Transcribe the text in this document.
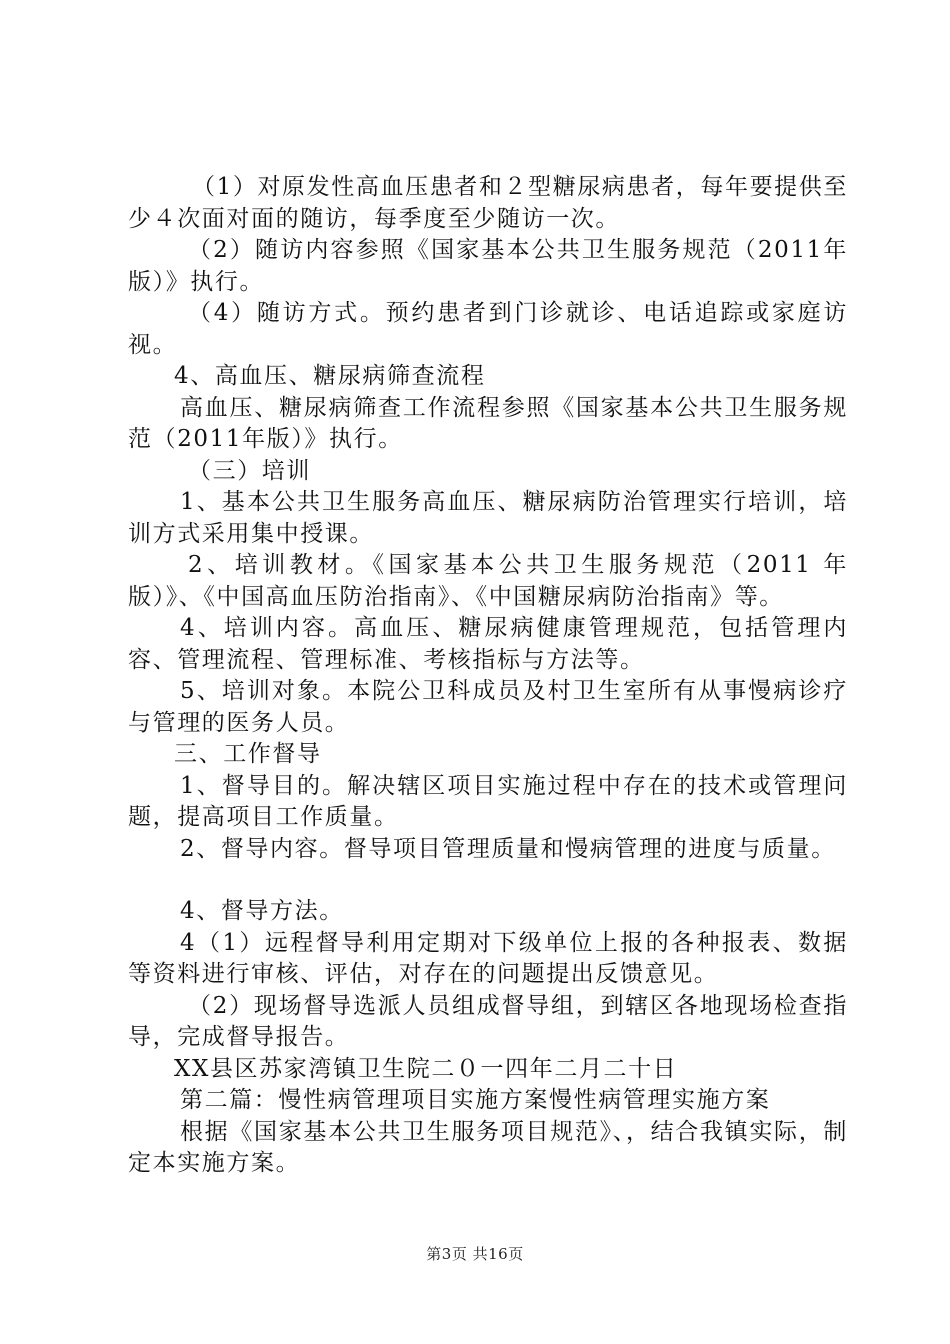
（1）对原发性高血压患者和２型糖尿病患者，每年要提供至少４次面对面的随访，每季度至少随访一次。

（2）随访内容参照《国家基本公共卫生服务规范（2011年版）》执行。

（4）随访方式。预约患者到门诊就诊、电话追踪或家庭访视。

4、高血压、糖尿病筛查流程

高血压、糖尿病筛查工作流程参照《国家基本公共卫生服务规范（2011年版）》执行。

（三）培训

1、基本公共卫生服务高血压、糖尿病防治管理实行培训，培训方式采用集中授课。

2、培训教材。《国家基本公共卫生服务规范（2011 年版）》、《中国高血压防治指南》、《中国糖尿病防治指南》等。

4、培训内容。高血压、糖尿病健康管理规范，包括管理内容、管理流程、管理标准、考核指标与方法等。

5、培训对象。本院公卫科成员及村卫生室所有从事慢病诊疗与管理的医务人员。

三、工作督导

1、督导目的。解决辖区项目实施过程中存在的技术或管理问题，提高项目工作质量。

2、督导内容。督导项目管理质量和慢病管理的进度与质量。

4、督导方法。

4（1）远程督导利用定期对下级单位上报的各种报表、数据等资料进行审核、评估，对存在的问题提出反馈意见。

（2）现场督导选派人员组成督导组，到辖区各地现场检查指导，完成督导报告。

XX县区苏家湾镇卫生院二０一四年二月二十日

第二篇：慢性病管理项目实施方案慢性病管理实施方案

根据《国家基本公共卫生服务项目规范》、，结合我镇实际，制定本实施方案。

第3页 共16页
